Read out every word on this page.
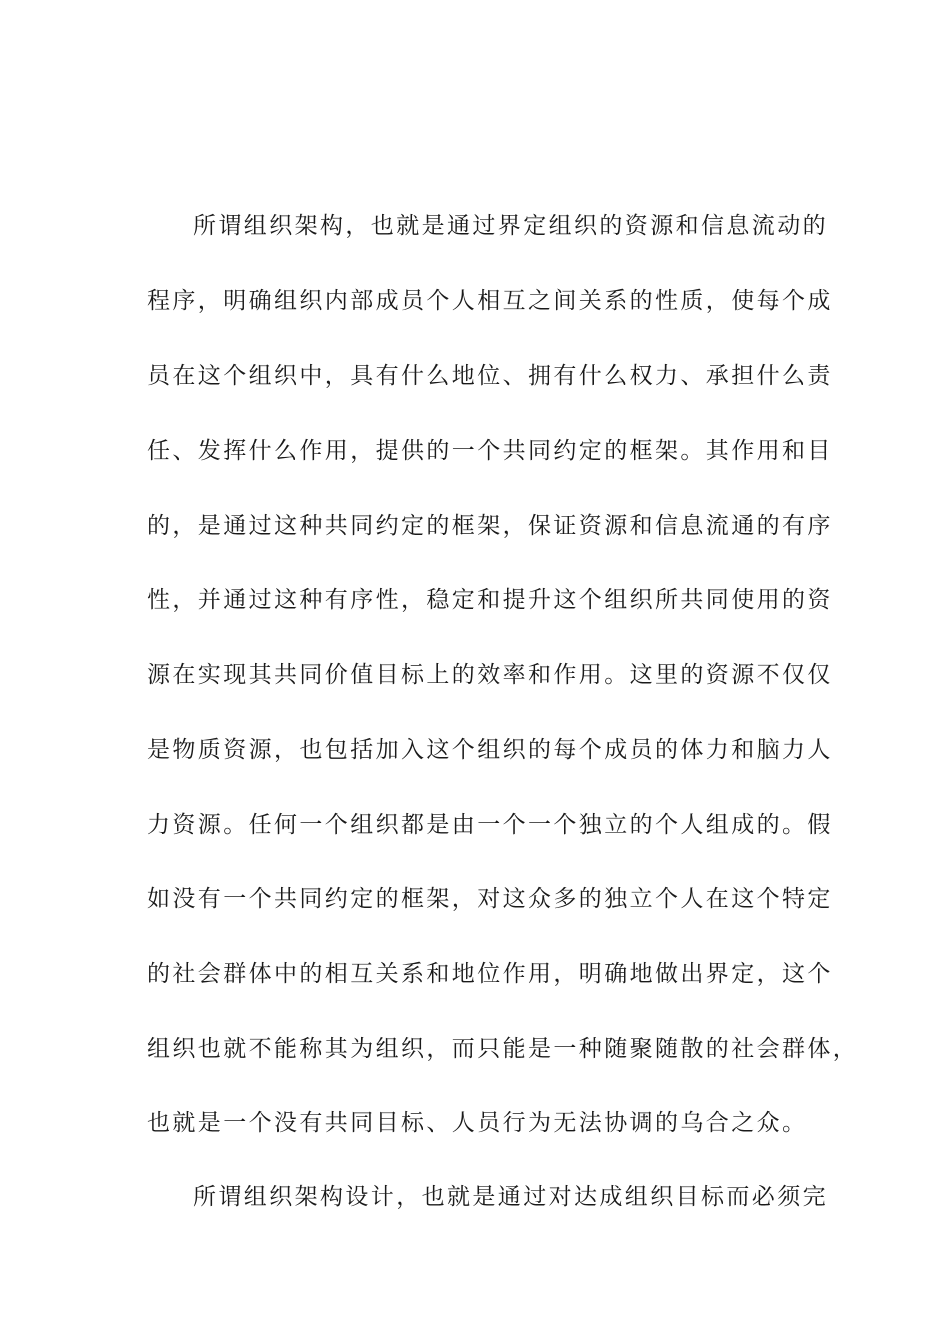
所谓组织架构，也就是通过界定组织的资源和信息流动的
程序，明确组织内部成员个人相互之间关系的性质，使每个成
员在这个组织中，具有什么地位、拥有什么权力、承担什么责
任、发挥什么作用，提供的一个共同约定的框架。其作用和目
的，是通过这种共同约定的框架，保证资源和信息流通的有序
性，并通过这种有序性，稳定和提升这个组织所共同使用的资
源在实现其共同价值目标上的效率和作用。这里的资源不仅仅
是物质资源，也包括加入这个组织的每个成员的体力和脑力人
力资源。任何一个组织都是由一个一个独立的个人组成的。假
如没有一个共同约定的框架，对这众多的独立个人在这个特定
的社会群体中的相互关系和地位作用，明确地做出界定，这个
组织也就不能称其为组织，而只能是一种随聚随散的社会群体，
也就是一个没有共同目标、人员行为无法协调的乌合之众。
所谓组织架构设计，也就是通过对达成组织目标而必须完
